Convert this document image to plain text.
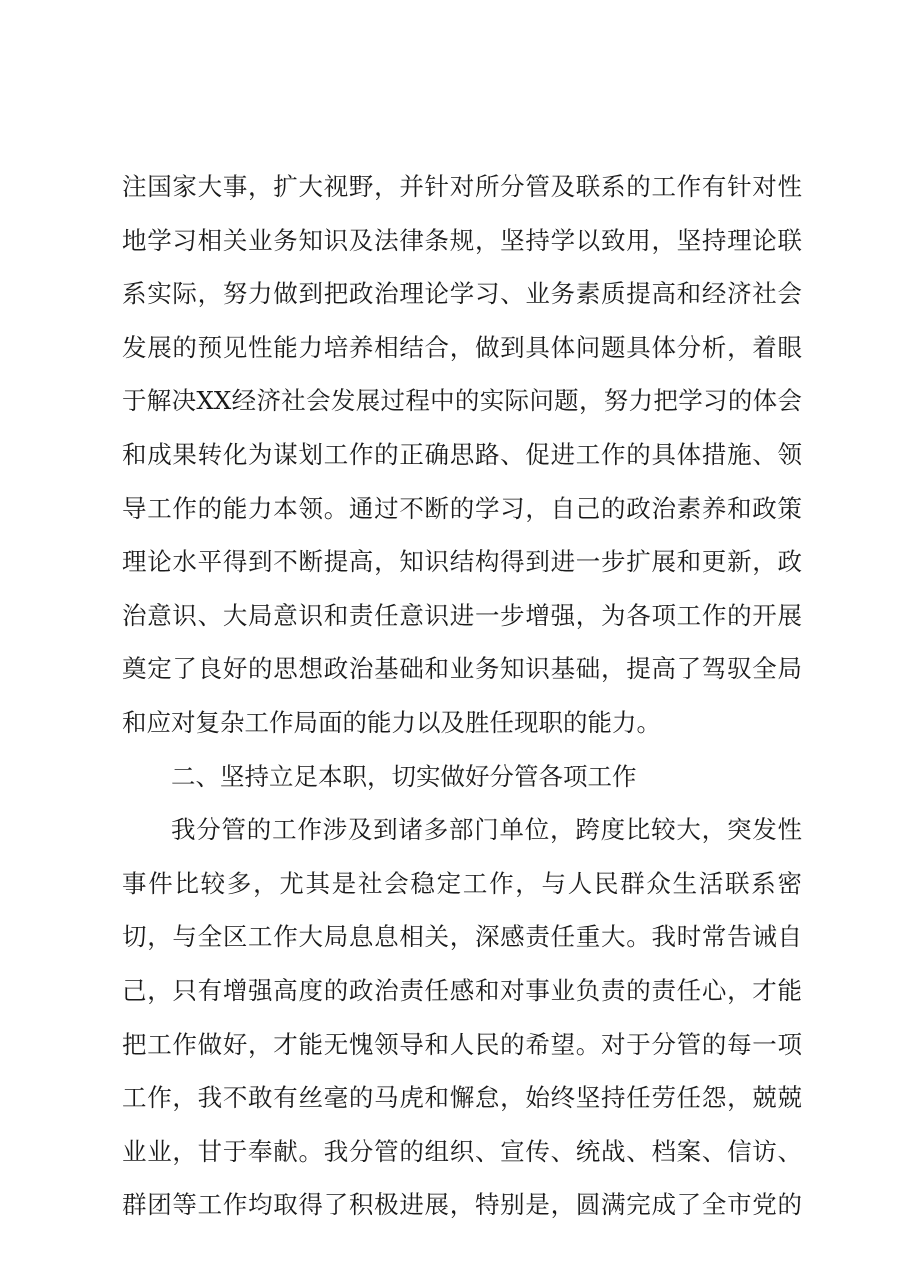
注国家大事，扩大视野，并针对所分管及联系的工作有针对性
地学习相关业务知识及法律条规，坚持学以致用，坚持理论联
系实际，努力做到把政治理论学习、业务素质提高和经济社会
发展的预见性能力培养相结合，做到具体问题具体分析，着眼
于解决XX经济社会发展过程中的实际问题，努力把学习的体会
和成果转化为谋划工作的正确思路、促进工作的具体措施、领
导工作的能力本领。通过不断的学习，自己的政治素养和政策
理论水平得到不断提高，知识结构得到进一步扩展和更新，政
治意识、大局意识和责任意识进一步增强，为各项工作的开展
奠定了良好的思想政治基础和业务知识基础，提高了驾驭全局
和应对复杂工作局面的能力以及胜任现职的能力。
二、坚持立足本职，切实做好分管各项工作
我分管的工作涉及到诸多部门单位，跨度比较大，突发性
事件比较多，尤其是社会稳定工作，与人民群众生活联系密
切，与全区工作大局息息相关，深感责任重大。我时常告诫自
己，只有增强高度的政治责任感和对事业负责的责任心，才能
把工作做好，才能无愧领导和人民的希望。对于分管的每一项
工作，我不敢有丝毫的马虎和懈怠，始终坚持任劳任怨，兢兢
业业，甘于奉献。我分管的组织、宣传、统战、档案、信访、
群团等工作均取得了积极进展，特别是，圆满完成了全市党的
